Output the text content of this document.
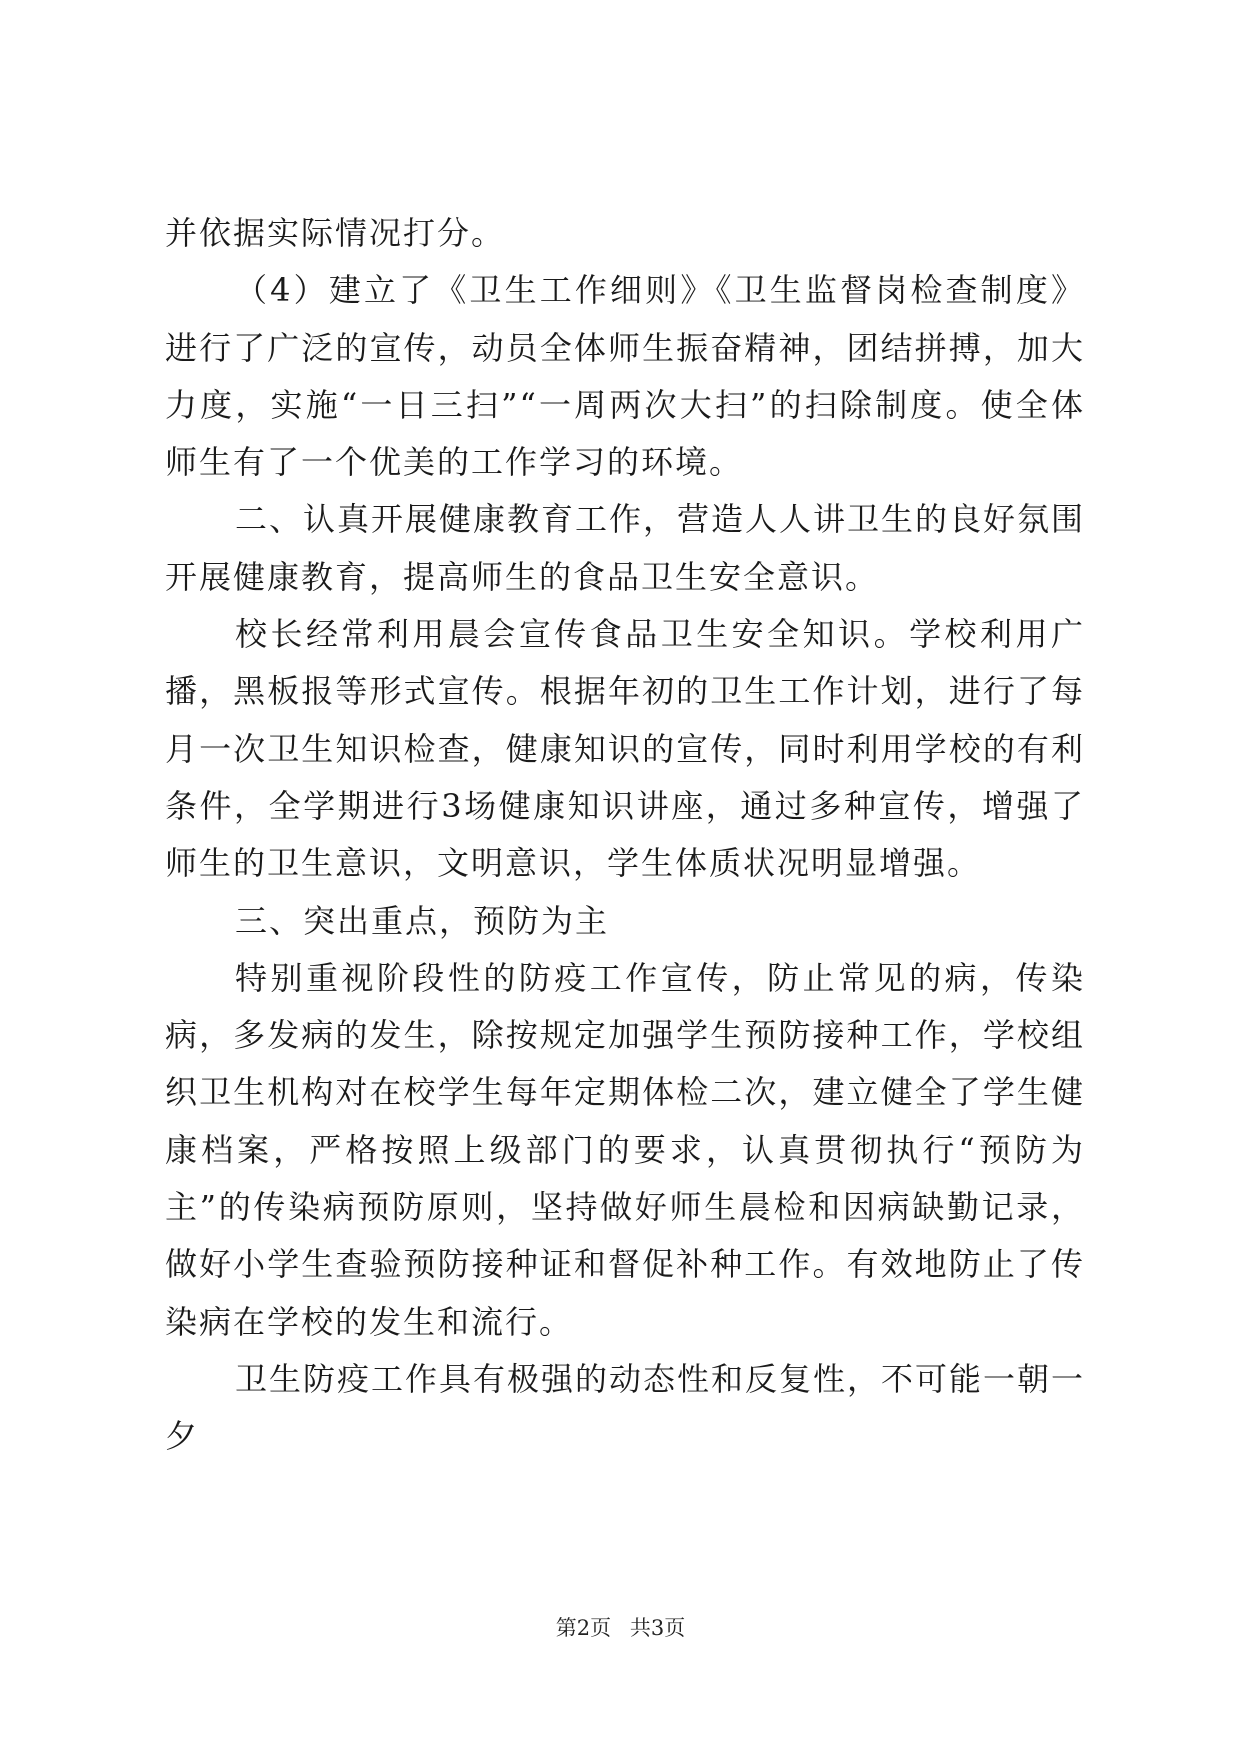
并依据实际情况打分。

（4）建立了《卫生工作细则》《卫生监督岗检查制度》进行了广泛的宣传，动员全体师生振奋精神，团结拼搏，加大力度，实施“一日三扫”“一周两次大扫”的扫除制度。使全体师生有了一个优美的工作学习的环境。

二、认真开展健康教育工作，营造人人讲卫生的良好氛围开展健康教育，提高师生的食品卫生安全意识。

校长经常利用晨会宣传食品卫生安全知识。学校利用广播，黑板报等形式宣传。根据年初的卫生工作计划，进行了每月一次卫生知识检查，健康知识的宣传，同时利用学校的有利条件，全学期进行3场健康知识讲座，通过多种宣传，增强了师生的卫生意识，文明意识，学生体质状况明显增强。

三、突出重点，预防为主

特别重视阶段性的防疫工作宣传，防止常见的病，传染病，多发病的发生，除按规定加强学生预防接种工作，学校组织卫生机构对在校学生每年定期体检二次，建立健全了学生健康档案，严格按照上级部门的要求，认真贯彻执行“预防为主”的传染病预防原则，坚持做好师生晨检和因病缺勤记录，做好小学生查验预防接种证和督促补种工作。有效地防止了传染病在学校的发生和流行。

卫生防疫工作具有极强的动态性和反复性，不可能一朝一夕

第2页 共3页
